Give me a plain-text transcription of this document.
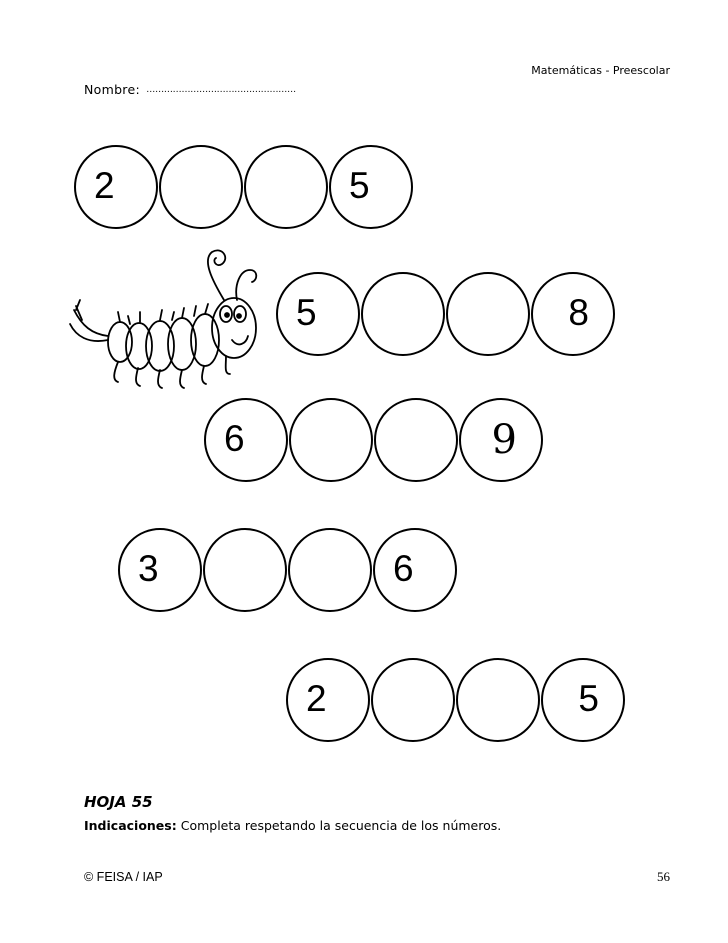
Matemáticas - Preescolar
Nombre: ……………………………………………
2	5
5	8
6	9
3	6
2	5
HOJA 55
Indicaciones: Completa respetando la secuencia de los números.
© FEISA / IAP	56
